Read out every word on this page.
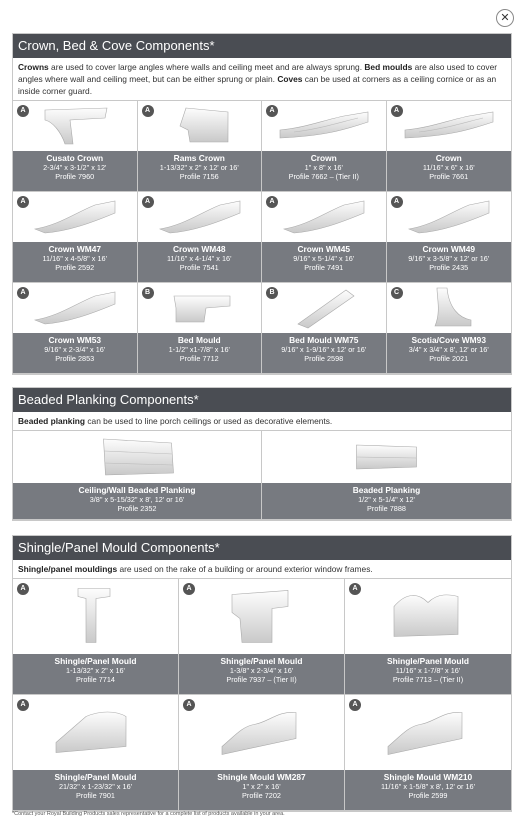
✕
Crown, Bed & Cove Components*
Crowns are used to cover large angles where walls and ceiling meet and are always sprung. Bed moulds are also used to cover angles where wall and ceiling meet, but can be either sprung or plain. Coves can be used at corners as a ceiling cornice or as an inside corner guard.
A
Cusato Crown
2-3/4" x 3-1/2" x 12'
Profile 7960
A
Rams Crown
1-13/32" x 2" x 12' or 16'
Profile 7156
A
Crown
1" x 8" x 16'
Profile 7662 – (Tier II)
A
Crown
11/16" x 6" x 16'
Profile 7661
A
Crown WM47
11/16" x 4-5/8" x 16'
Profile 2592
A
Crown WM48
11/16" x 4-1/4" x 16'
Profile 7541
A
Crown WM45
9/16" x 5-1/4" x 16'
Profile 7491
A
Crown WM49
9/16" x 3-5/8" x 12' or 16'
Profile 2435
A
Crown WM53
9/16" x 2-3/4" x 16'
Profile 2853
B
Bed Mould
1-1/2" x1-7/8" x 16'
Profile 7712
B
Bed Mould WM75
9/16" x 1-9/16" x 12' or 16'
Profile 2598
C
Scotia/Cove WM93
3/4" x 3/4" x 8', 12' or 16'
Profile 2021
Beaded Planking Components*
Beaded planking can be used to line porch ceilings or used as decorative elements.
Ceiling/Wall Beaded Planking
3/8" x 5-15/32" x 8', 12' or 16'
Profile 2352
Beaded Planking
1/2" x 5-1/4" x 12'
Profile 7888
Shingle/Panel Mould Components*
Shingle/panel mouldings are used on the rake of a building or around exterior window frames.
A
Shingle/Panel Mould
1-13/32" x 2" x 16'
Profile 7714
A
Shingle/Panel Mould
1-3/8" x 2-3/4" x 16'
Profile 7937 – (Tier II)
A
Shingle/Panel Mould
11/16" x 1-7/8" x 16'
Profile 7713 – (Tier II)
A
Shingle/Panel Mould
21/32" x 1-23/32" x 16'
Profile 7901
A
Shingle Mould WM287
1" x 2" x 16'
Profile 7202
A
Shingle Mould WM210
11/16" x 1-5/8" x 8', 12' or 16'
Profile 2599
*Contact your Royal Building Products sales representative for a complete list of products available in your area.
